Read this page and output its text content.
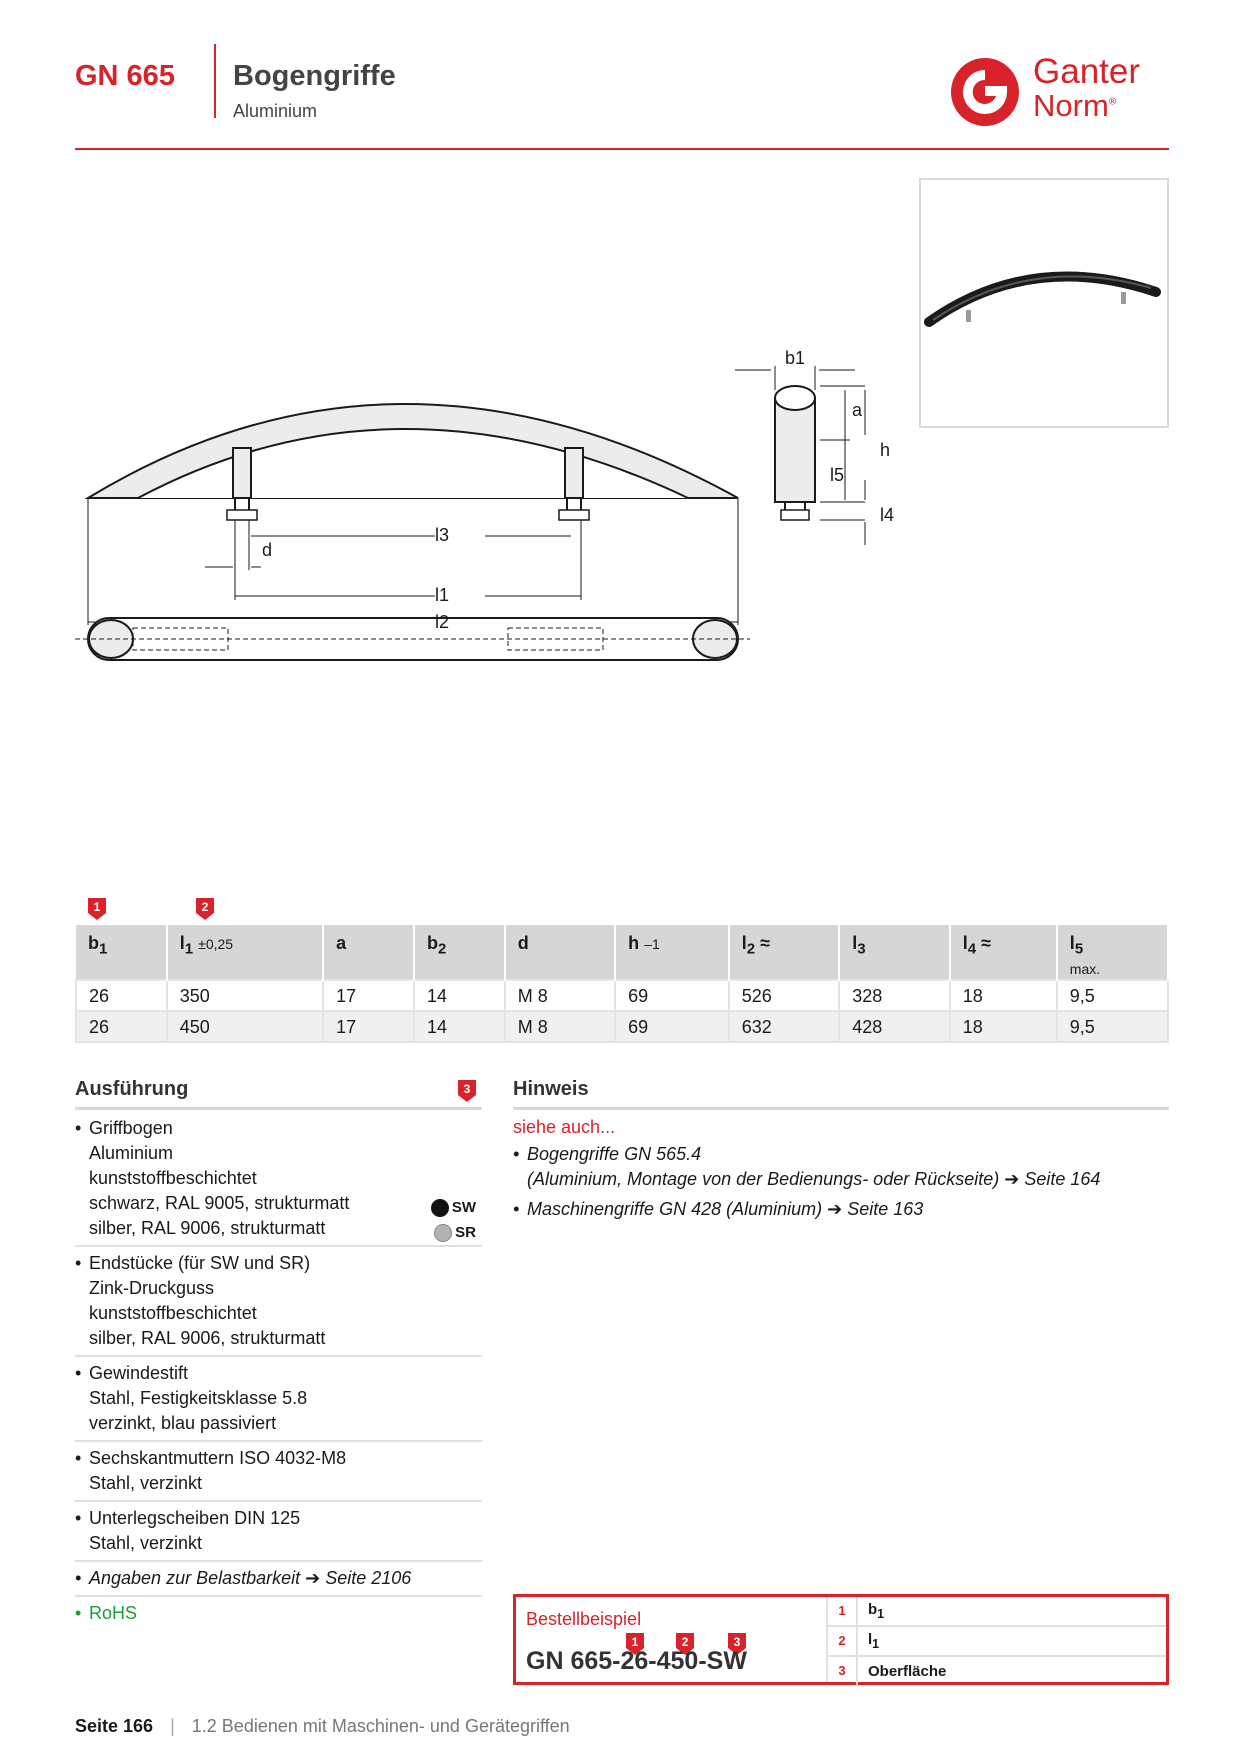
GN 665 Bogengriffe
Aluminium
Ganter
Norm®
l3
d
l1
l2
b1
a
h
l5
l4
1	2
$b_1$	$l_1 \pm 0,25$	a	$b_2$	d	h –1	$l_2$ ≈	$l_3$	$l_4$ ≈	$l_5$
max.
26	350	17	14	M 8	69	526	328	18	9,5
26	450	17	14	M 8	69	632	428	18	9,5
Ausführung	3
• Griffbogen
Aluminium
kunststoffbeschichtet
schwarz, RAL 9005, strukturmatt
silber, RAL 9006, strukturmatt
SW
SR
• Endstücke (für SW und SR)
Zink-Druckguss
kunststoffbeschichtet
silber, RAL 9006, strukturmatt
• Gewindestift
Stahl, Festigkeitsklasse 5.8
verzinkt, blau passiviert
• Sechskantmuttern ISO 4032-M8
Stahl, verzinkt
• Unterlegscheiben DIN 125
Stahl, verzinkt
• Angaben zur Belastbarkeit ➔ Seite 2106
• RoHS
Hinweis
siehe auch...
• Bogengriffe GN 565.4
(Aluminium, Montage von der Bedienungs- oder Rückseite) ➔ Seite 164
• Maschinengriffe GN 428 (Aluminium) ➔ Seite 163
Bestellbeispiel
1	2	3
GN 665-26-450-SW
1	$b_1$
2	$l_1$
3	Oberfläche
Seite 166 | 1.2 Bedienen mit Maschinen- und Gerätegriffen
